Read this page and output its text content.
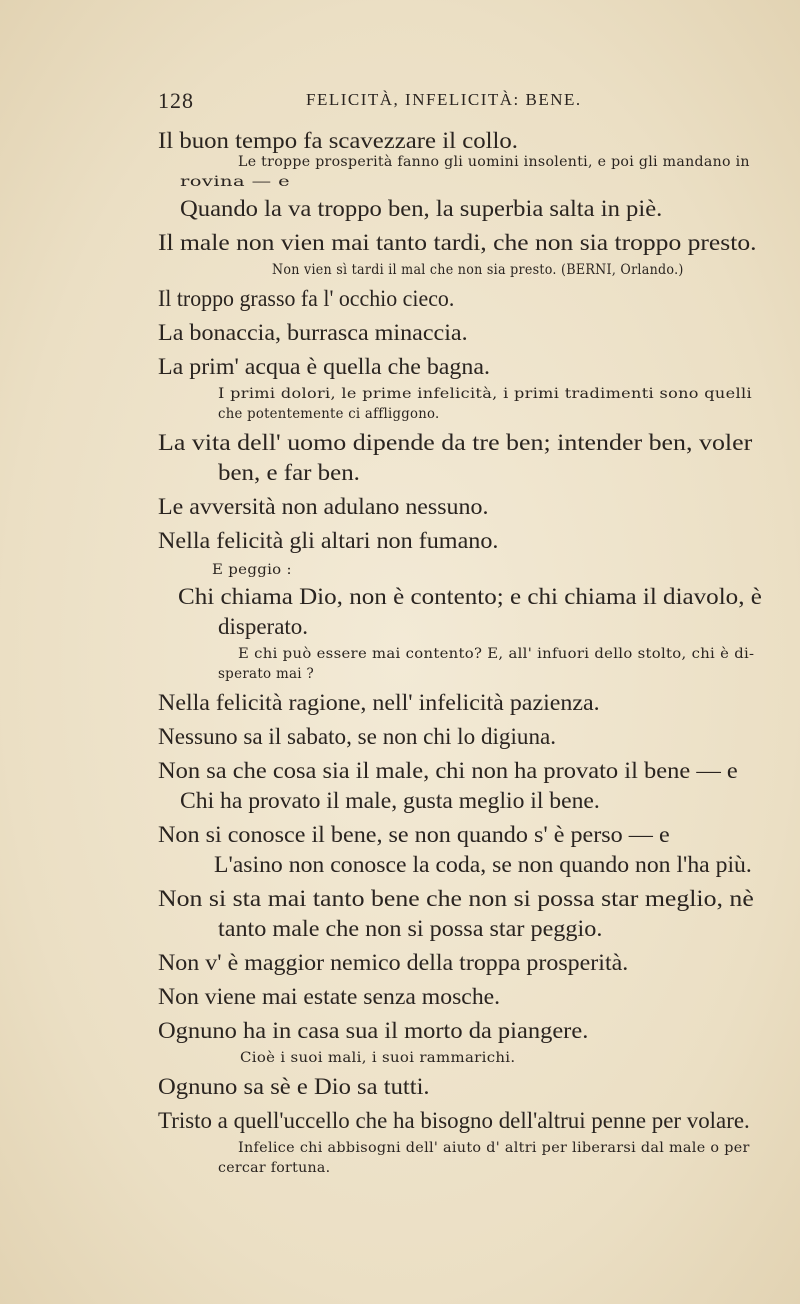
128	FELICITÀ, INFELICITÀ: BENE.
Il buon tempo fa scavezzare il collo.
Le troppe prosperità fanno gli uomini insolenti, e poi gli mandano in
rovina — e
Quando la va troppo ben, la superbia salta in piè.
Il male non vien mai tanto tardi, che non sia troppo presto.
Non vien sì tardi il mal che non sia presto. (BERNI, Orlando.)
Il troppo grasso fa l' occhio cieco.
La bonaccia, burrasca minaccia.
La prim' acqua è quella che bagna.
I primi dolori, le prime infelicità, i primi tradimenti sono quelli
che potentemente ci affliggono.
La vita dell' uomo dipende da tre ben; intender ben, voler
ben, e far ben.
Le avversità non adulano nessuno.
Nella felicità gli altari non fumano.
E peggio :
Chi chiama Dio, non è contento; e chi chiama il diavolo, è
disperato.
E chi può essere mai contento? E, all' infuori dello stolto, chi è di-
sperato mai ?
Nella felicità ragione, nell' infelicità pazienza.
Nessuno sa il sabato, se non chi lo digiuna.
Non sa che cosa sia il male, chi non ha provato il bene — e
Chi ha provato il male, gusta meglio il bene.
Non si conosce il bene, se non quando s' è perso — e
L'asino non conosce la coda, se non quando non l'ha più.
Non si sta mai tanto bene che non si possa star meglio, nè
tanto male che non si possa star peggio.
Non v' è maggior nemico della troppa prosperità.
Non viene mai estate senza mosche.
Ognuno ha in casa sua il morto da piangere.
Cioè i suoi mali, i suoi rammarichi.
Ognuno sa sè e Dio sa tutti.
Tristo a quell'uccello che ha bisogno dell'altrui penne per volare.
Infelice chi abbisogni dell' aiuto d' altri per liberarsi dal male o per
cercar fortuna.
